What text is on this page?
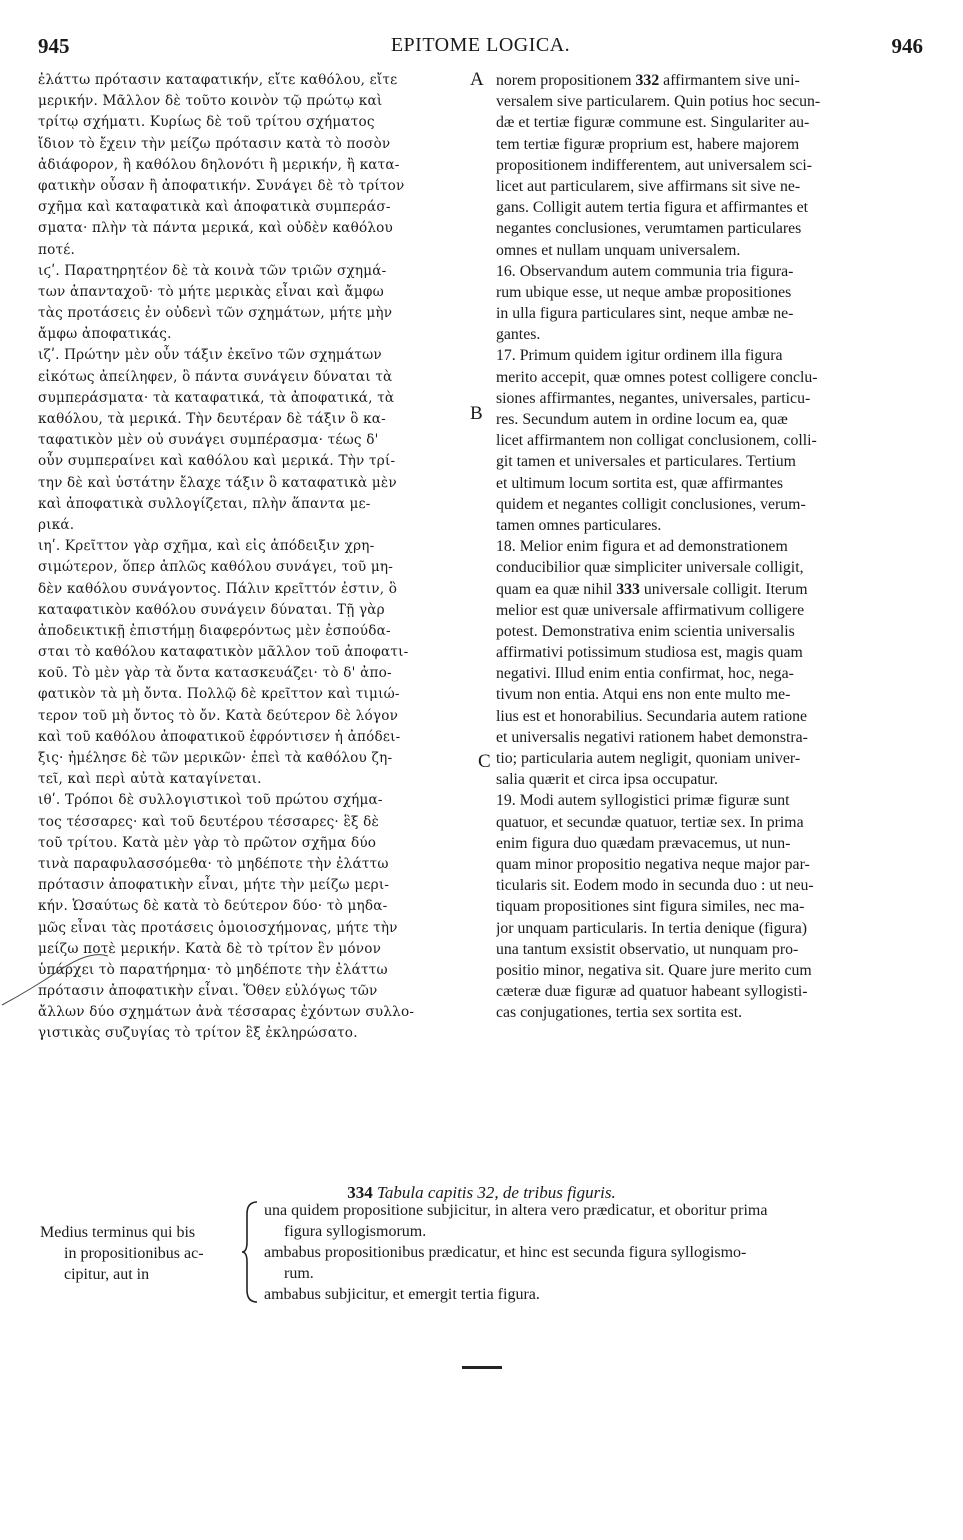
945	EPITOME LOGICA.	946
ἐλάττω πρότασιν καταφατικήν, εἴτε καθόλου, εἴτε
μερικήν. Μᾶλλον δὲ τοῦτο κοινὸν τῷ πρώτῳ καὶ
τρίτῳ σχήματι. Κυρίως δὲ τοῦ τρίτου σχήματος
ἴδιον τὸ ἔχειν τὴν μείζω πρότασιν κατὰ τὸ ποσὸν
ἀδιάφορον, ἢ καθόλου δηλονότι ἢ μερικήν, ἢ κατα-
φατικὴν οὖσαν ἢ ἀποφατικήν. Συνάγει δὲ τὸ τρίτον
σχῆμα καὶ καταφατικὰ καὶ ἀποφατικὰ συμπεράσ-
σματα· πλὴν τὰ πάντα μερικά, καὶ οὐδὲν καθόλου
ποτέ.
ιϛʹ. Παρατηρητέον δὲ τὰ κοινὰ τῶν τριῶν σχημά-
των ἁπανταχοῦ· τὸ μήτε μερικὰς εἶναι καὶ ἄμφω
τὰς προτάσεις ἐν οὐδενὶ τῶν σχημάτων, μήτε μὴν
ἄμφω ἀποφατικάς.
ιζʹ. Πρώτην μὲν οὖν τάξιν ἐκεῖνο τῶν σχημάτων
εἰκότως ἀπείληφεν, ὃ πάντα συνάγειν δύναται τὰ
συμπεράσματα· τὰ καταφατικά, τὰ ἀποφατικά, τὰ
καθόλου, τὰ μερικά. Τὴν δευτέραν δὲ τάξιν ὃ κα-
ταφατικὸν μὲν οὐ συνάγει συμπέρασμα· τέως δ'
οὖν συμπεραίνει καὶ καθόλου καὶ μερικά. Τὴν τρί-
την δὲ καὶ ὑστάτην ἔλαχε τάξιν ὃ καταφατικὰ μὲν
καὶ ἀποφατικὰ συλλογίζεται, πλὴν ἅπαντα με-
ρικά.
ιηʹ. Κρεῖττον γὰρ σχῆμα, καὶ εἰς ἀπόδειξιν χρη-
σιμώτερον, ὅπερ ἁπλῶς καθόλου συνάγει, τοῦ μη-
δὲν καθόλου συνάγοντος. Πάλιν κρεῖττόν ἐστιν, ὃ
καταφατικὸν καθόλου συνάγειν δύναται. Τῇ γὰρ
ἀποδεικτικῇ ἐπιστήμῃ διαφερόντως μὲν ἐσπούδα-
σται τὸ καθόλου καταφατικὸν μᾶλλον τοῦ ἀποφατι-
κοῦ. Τὸ μὲν γὰρ τὰ ὄντα κατασκευάζει· τὸ δ' ἀπο-
φατικὸν τὰ μὴ ὄντα. Πολλῷ δὲ κρεῖττον καὶ τιμιώ-
τερον τοῦ μὴ ὄντος τὸ ὄν. Κατὰ δεύτερον δὲ λόγον
καὶ τοῦ καθόλου ἀποφατικοῦ ἐφρόντισεν ἡ ἀπόδει-
ξις· ἠμέλησε δὲ τῶν μερικῶν· ἐπεὶ τὰ καθόλου ζη-
τεῖ, καὶ περὶ αὐτὰ καταγίνεται.
ιθʹ. Τρόποι δὲ συλλογιστικοὶ τοῦ πρώτου σχήμα-
τος τέσσαρες· καὶ τοῦ δευτέρου τέσσαρες· ἓξ δὲ
τοῦ τρίτου. Κατὰ μὲν γὰρ τὸ πρῶτον σχῆμα δύο
τινὰ παραφυλασσόμεθα· τὸ μηδέποτε τὴν ἐλάττω
πρότασιν ἀποφατικὴν εἶναι, μήτε τὴν μείζω μερι-
κήν. Ὡσαύτως δὲ κατὰ τὸ δεύτερον δύο· τὸ μηδα-
μῶς εἶναι τὰς προτάσεις ὁμοιοσχήμονας, μήτε τὴν
μείζω ποτὲ μερικήν. Κατὰ δὲ τὸ τρίτον ἓν μόνον
ὑπάρχει τὸ παρατήρημα· τὸ μηδέποτε τὴν ἐλάττω
πρότασιν ἀποφατικὴν εἶναι. Ὅθεν εὐλόγως τῶν
ἄλλων δύο σχημάτων ἀνὰ τέσσαρας ἐχόντων συλλο-
γιστικὰς συζυγίας τὸ τρίτον ἓξ ἐκληρώσατο.
norem propositionem 332 affirmantem sive uni-
versalem sive particularem. Quin potius hoc secun-
dæ et tertiæ figuræ commune est. Singulariter au-
tem tertiæ figuræ proprium est, habere majorem
propositionem indifferentem, aut universalem sci-
licet aut particularem, sive affirmans sit sive ne-
gans. Colligit autem tertia figura et affirmantes et
negantes conclusiones, verumtamen particulares
omnes et nullam unquam universalem.
16. Observandum autem communia tria figura-
rum ubique esse, ut neque ambæ propositiones
in ulla figura particulares sint, neque ambæ ne-
gantes.
17. Primum quidem igitur ordinem illa figura
merito accepit, quæ omnes potest colligere conclu-
siones affirmantes, negantes, universales, particu-
res. Secundum autem in ordine locum ea, quæ
licet affirmantem non colligat conclusionem, colli-
git tamen et universales et particulares. Tertium
et ultimum locum sortita est, quæ affirmantes
quidem et negantes colligit conclusiones, verum-
tamen omnes particulares.
18. Melior enim figura et ad demonstrationem
conducibilior quæ simpliciter universale colligit,
quam ea quæ nihil 333 universale colligit. Iterum
melior est quæ universale affirmativum colligere
potest. Demonstrativa enim scientia universalis
affirmativi potissimum studiosa est, magis quam
negativi. Illud enim entia confirmat, hoc, nega-
tivum non entia. Atqui ens non ente multo me-
lius est et honorabilius. Secundaria autem ratione
et universalis negativi rationem habet demonstra-
tio; particularia autem negligit, quoniam univer-
salia quærit et circa ipsa occupatur.
19. Modi autem syllogistici primæ figuræ sunt
quatuor, et secundæ quatuor, tertiæ sex. In prima
enim figura duo quædam prævacemus, ut nun-
quam minor propositio negativa neque major par-
ticularis sit. Eodem modo in secunda duo : ut neu-
tiquam propositiones sint figura similes, nec ma-
jor unquam particularis. In tertia denique (figura)
una tantum exsistit observatio, ut nunquam pro-
positio minor, negativa sit. Quare jure merito cum
cæteræ duæ figuræ ad quatuor habeant syllogisti-
cas conjugationes, tertia sex sortita est.
A
B
C
334 Tabula capitis 32, de tribus figuris.
Medius terminus qui bis
in propositionibus ac-
cipitur, aut in
una quidem propositione subjicitur, in altera vero prædicatur, et oboritur prima
figura syllogismorum.
ambabus propositionibus prædicatur, et hinc est secunda figura syllogismo-
rum.
ambabus subjicitur, et emergit tertia figura.
